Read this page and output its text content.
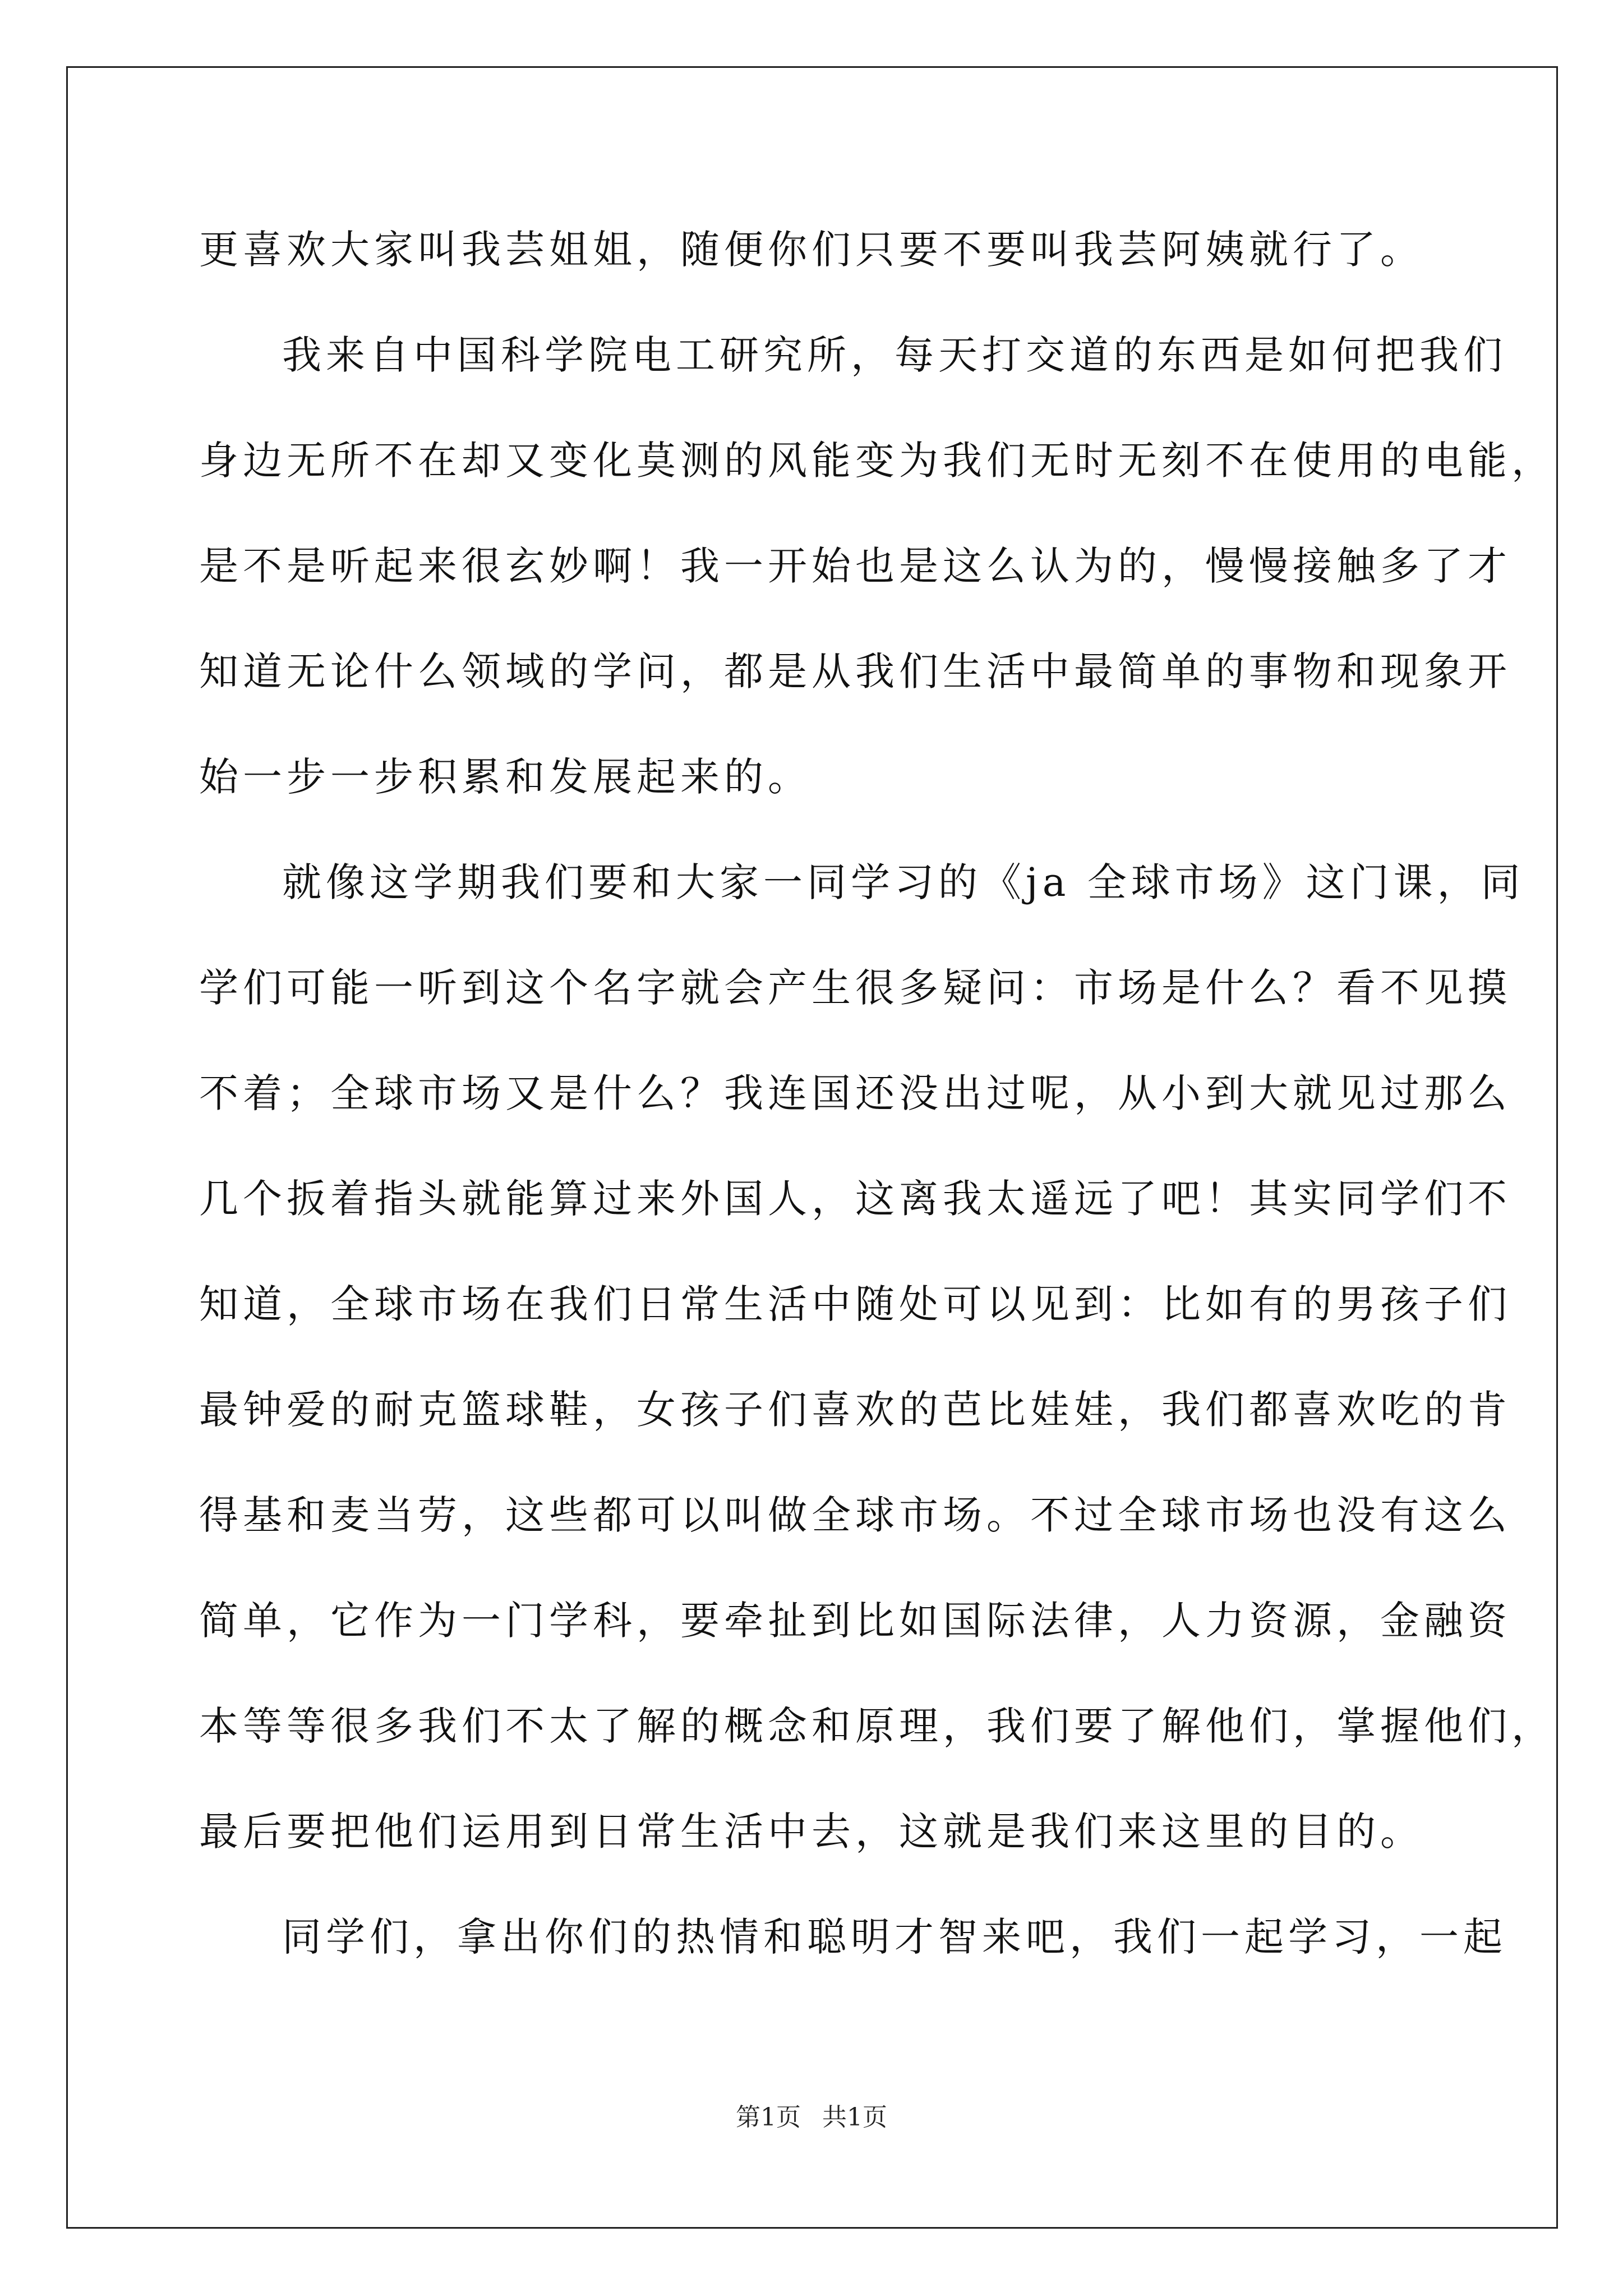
更喜欢大家叫我芸姐姐，随便你们只要不要叫我芸阿姨就行了。
我来自中国科学院电工研究所，每天打交道的东西是如何把我们
身边无所不在却又变化莫测的风能变为我们无时无刻不在使用的电能，
是不是听起来很玄妙啊！我一开始也是这么认为的，慢慢接触多了才
知道无论什么领域的学问，都是从我们生活中最简单的事物和现象开
始一步一步积累和发展起来的。
就像这学期我们要和大家一同学习的《ja 全球市场》这门课，同
学们可能一听到这个名字就会产生很多疑问：市场是什么？看不见摸
不着；全球市场又是什么？我连国还没出过呢，从小到大就见过那么
几个扳着指头就能算过来外国人，这离我太遥远了吧！其实同学们不
知道，全球市场在我们日常生活中随处可以见到：比如有的男孩子们
最钟爱的耐克篮球鞋，女孩子们喜欢的芭比娃娃，我们都喜欢吃的肯
得基和麦当劳，这些都可以叫做全球市场。不过全球市场也没有这么
简单，它作为一门学科，要牵扯到比如国际法律，人力资源，金融资
本等等很多我们不太了解的概念和原理，我们要了解他们，掌握他们，
最后要把他们运用到日常生活中去，这就是我们来这里的目的。
同学们，拿出你们的热情和聪明才智来吧，我们一起学习，一起
第1页 共1页
